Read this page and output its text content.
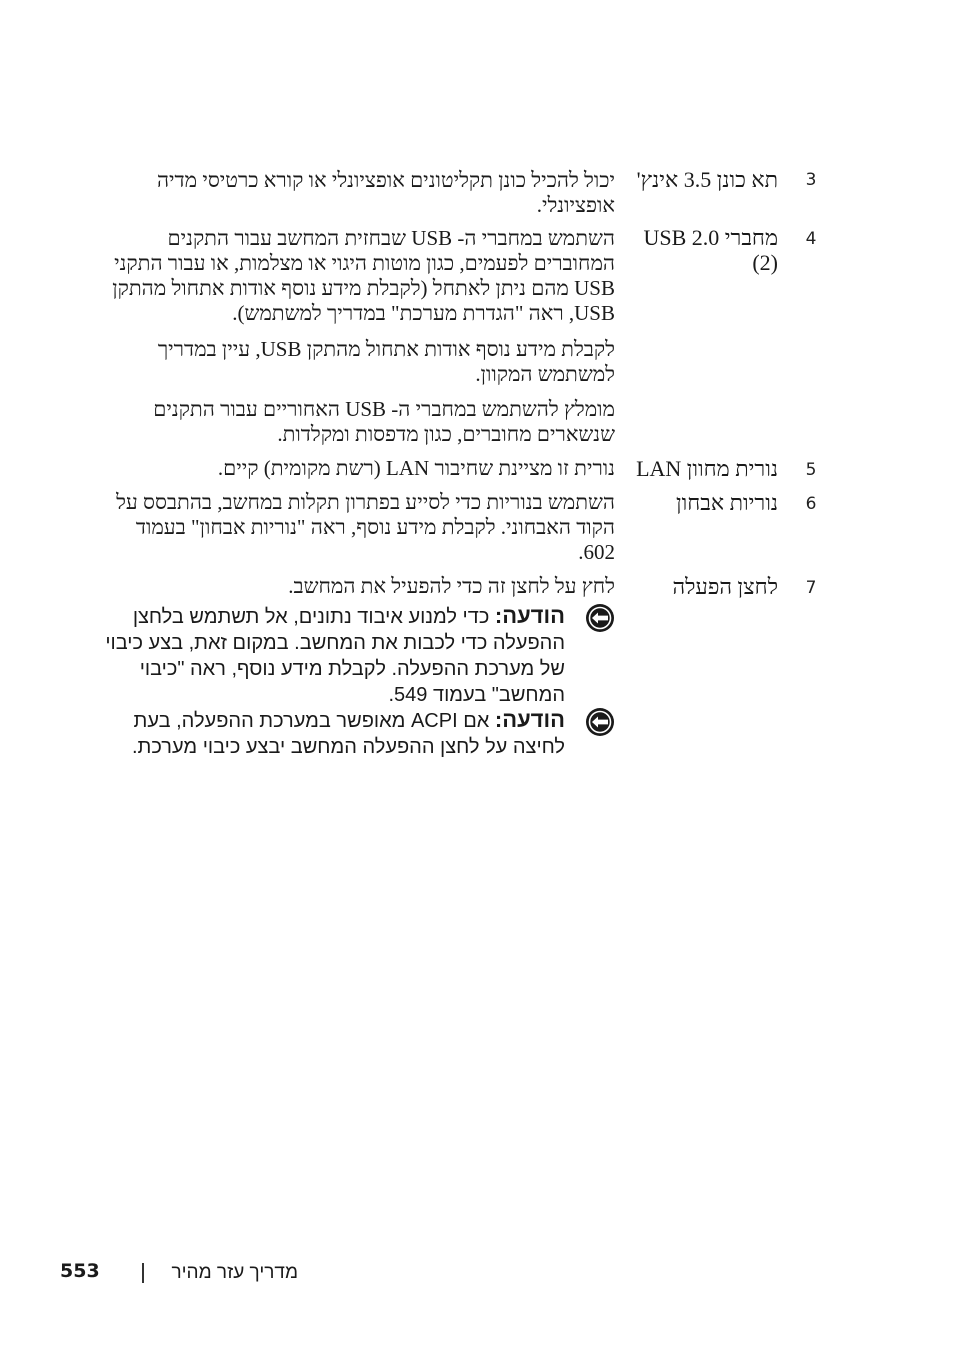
3
תא כונן 3.5 אינץ'
יכול להכיל כונן תקליטונים אופציונלי או קורא כרטיסי מדיה אופציונלי.
4
מחברי USB 2.0 (2)
השתמש במחברי ה- USB שבחזית המחשב עבור התקנים המחוברים לפעמים, כגון מוטות היגוי או מצלמות, או עבור התקני USB מהם ניתן לאתחל (לקבלת מידע נוסף אודות אתחול מהתקן USB, ראה "הגדרת מערכת" במדריך למשתמש).
לקבלת מידע נוסף אודות אתחול מהתקן USB, עיין במדריך למשתמש המקוון.
מומלץ להשתמש במחברי ה- USB האחוריים עבור התקנים שנשארים מחוברים, כגון מדפסות ומקלדות.
5
נורית מחוון LAN
נורית זו מציינת שחיבור LAN (רשת מקומית) קיים.
6
נוריות אבחון
השתמש בנוריות כדי לסייע בפתרון תקלות במחשב, בהתבסס על הקוד האבחוני. לקבלת מידע נוסף, ראה "נוריות אבחון" בעמוד 602.
7
לחצן הפעלה
לחץ על לחצן זה כדי להפעיל את המחשב.
הודעה: כדי למנוע איבוד נתונים, אל תשתמש בלחצן ההפעלה כדי לכבות את המחשב. במקום זאת, בצע כיבוי של מערכת ההפעלה. לקבלת מידע נוסף, ראה "כיבוי המחשב" בעמוד 549.
הודעה: אם ACPI מאופשר במערכת ההפעלה, בעת לחיצה על לחצן ההפעלה המחשב יבצע כיבוי מערכת.
מדריך עזר מהיר
553
